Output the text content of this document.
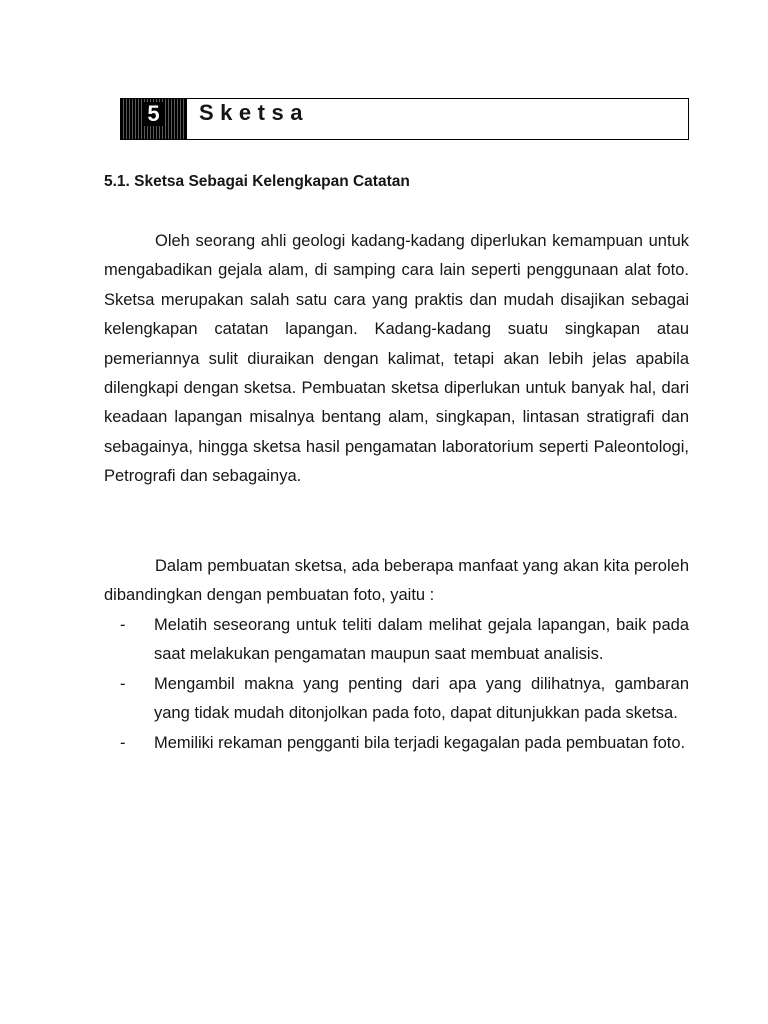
5	Sketsa
5.1. Sketsa Sebagai Kelengkapan Catatan

Oleh seorang ahli geologi kadang-kadang diperlukan kemampuan untuk mengabadikan gejala alam, di samping cara lain seperti penggunaan alat foto. Sketsa merupakan salah satu cara yang praktis dan mudah disajikan sebagai kelengkapan catatan lapangan. Kadang-kadang suatu singkapan atau pemeriannya sulit diuraikan dengan kalimat, tetapi akan lebih jelas apabila dilengkapi dengan sketsa. Pembuatan sketsa diperlukan untuk banyak hal, dari keadaan lapangan misalnya bentang alam, singkapan, lintasan stratigrafi dan sebagainya, hingga sketsa hasil pengamatan laboratorium seperti Paleontologi, Petrografi dan sebagainya.

Dalam pembuatan sketsa, ada beberapa manfaat yang akan kita peroleh dibandingkan dengan pembuatan foto, yaitu :

-	Melatih seseorang untuk teliti dalam melihat gejala lapangan, baik pada saat melakukan pengamatan maupun saat membuat analisis.
-	Mengambil makna yang penting dari apa yang dilihatnya, gambaran yang tidak mudah ditonjolkan pada foto, dapat ditunjukkan pada sketsa.
-	Memiliki rekaman pengganti bila terjadi kegagalan pada pembuatan foto.
